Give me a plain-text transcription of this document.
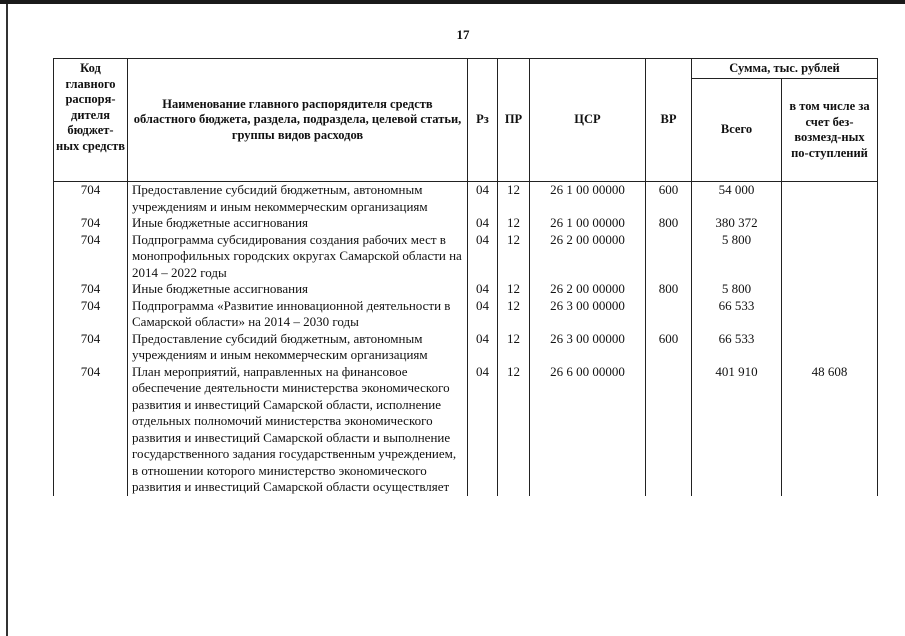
17
Код главного распоря-дителя бюджет-ных средств	Наименование главного распорядителя средств областного бюджета, раздела, подраздела, целевой статьи, группы видов расходов	Рз	ПР	ЦСР	ВР	Сумма, тыс. рублей	
						Всего	в том числе за счет без-возмезд-ных по-ступлений
704	Предоставление субсидий бюджетным, автономным учреждениям и иным некоммерческим организациям	04	12	26 1 00 00000	600	54 000	
704	Иные бюджетные ассигнования	04	12	26 1 00 00000	800	380 372	
704	Подпрограмма субсидирования создания рабочих мест в монопрофильных городских округах Самарской области на 2014 – 2022 годы	04	12	26 2 00 00000		5 800	
704	Иные бюджетные ассигнования	04	12	26 2 00 00000	800	5 800	
704	Подпрограмма «Развитие инновационной деятельности в Самарской области» на 2014 – 2030 годы	04	12	26 3 00 00000		66 533	
704	Предоставление субсидий бюджетным, автономным учреждениям и иным некоммерческим организациям	04	12	26 3 00 00000	600	66 533	
704	План мероприятий, направленных на финансовое обеспечение деятельности министерства экономического развития и инвестиций Самарской области, исполнение отдельных полномочий министерства экономического развития и инвестиций Самарской области и выполнение государственного задания государственным учреждением, в отношении которого министерство экономического развития и инвестиций Самарской области осуществляет	04	12	26 6 00 00000		401 910	48 608
